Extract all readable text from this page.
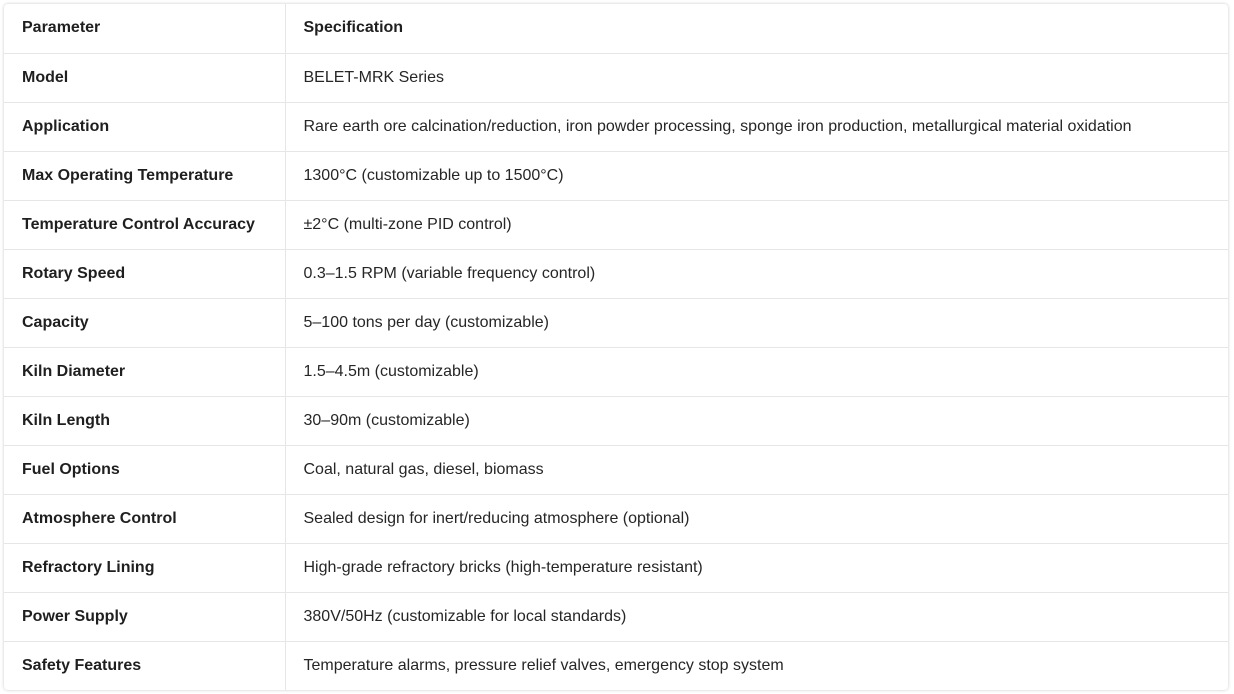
Parameter	Specification
Model	BELET-MRK Series
Application	Rare earth ore calcination/reduction, iron powder processing, sponge iron production, metallurgical material oxidation
Max Operating Temperature	1300°C (customizable up to 1500°C)
Temperature Control Accuracy	±2°C (multi-zone PID control)
Rotary Speed	0.3–1.5 RPM (variable frequency control)
Capacity	5–100 tons per day (customizable)
Kiln Diameter	1.5–4.5m (customizable)
Kiln Length	30–90m (customizable)
Fuel Options	Coal, natural gas, diesel, biomass
Atmosphere Control	Sealed design for inert/reducing atmosphere (optional)
Refractory Lining	High-grade refractory bricks (high-temperature resistant)
Power Supply	380V/50Hz (customizable for local standards)
Safety Features	Temperature alarms, pressure relief valves, emergency stop system
